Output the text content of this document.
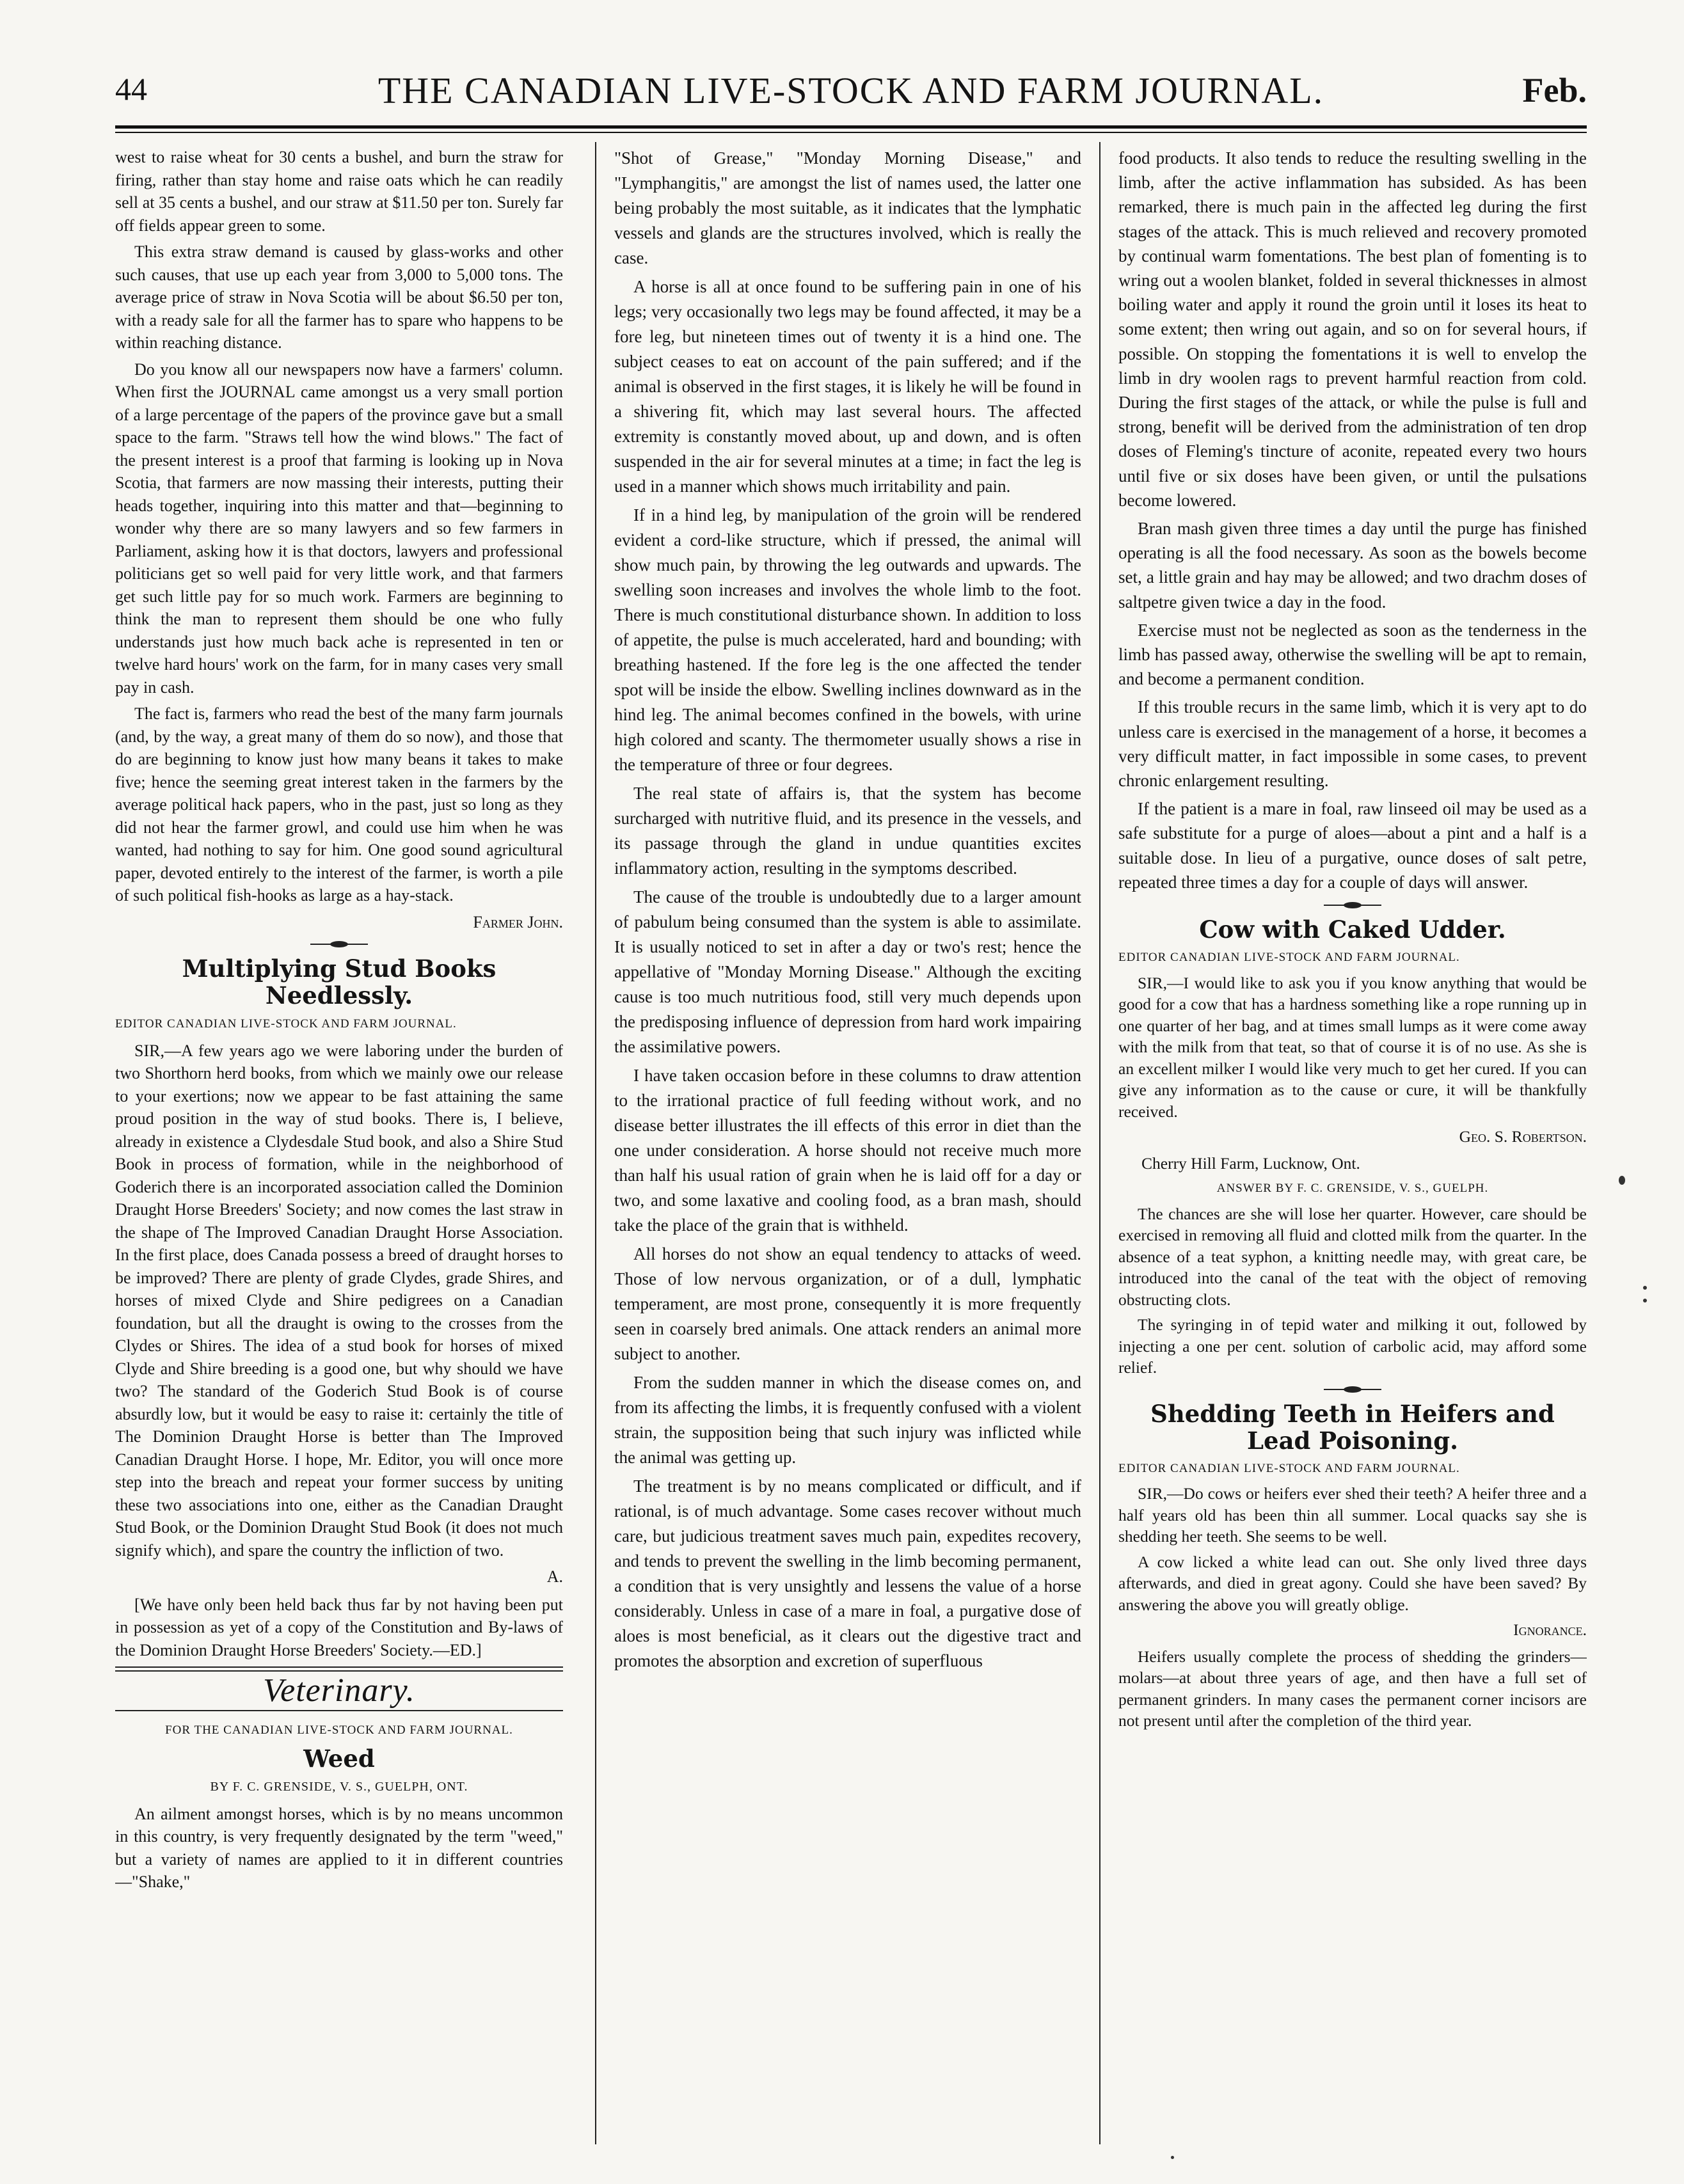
44	THE CANADIAN LIVE-STOCK AND FARM JOURNAL.	Feb.

west to raise wheat for 30 cents a bushel, and burn the straw for firing, rather than stay home and raise oats which he can readily sell at 35 cents a bushel, and our straw at $11.50 per ton. Surely far off fields appear green to some.

This extra straw demand is caused by glass-works and other such causes, that use up each year from 3,000 to 5,000 tons. The average price of straw in Nova Scotia will be about $6.50 per ton, with a ready sale for all the farmer has to spare who happens to be within reaching distance.

Do you know all our newspapers now have a farmers' column. When first the JOURNAL came amongst us a very small portion of a large percentage of the papers of the province gave but a small space to the farm. "Straws tell how the wind blows." The fact of the present interest is a proof that farming is looking up in Nova Scotia, that farmers are now massing their interests, putting their heads together, inquiring into this matter and that—beginning to wonder why there are so many lawyers and so few farmers in Parliament, asking how it is that doctors, lawyers and professional politicians get so well paid for very little work, and that farmers get such little pay for so much work. Farmers are beginning to think the man to represent them should be one who fully understands just how much back ache is represented in ten or twelve hard hours' work on the farm, for in many cases very small pay in cash.

The fact is, farmers who read the best of the many farm journals (and, by the way, a great many of them do so now), and those that do are beginning to know just how many beans it takes to make five; hence the seeming great interest taken in the farmers by the average political hack papers, who in the past, just so long as they did not hear the farmer growl, and could use him when he was wanted, had nothing to say for him. One good sound agricultural paper, devoted entirely to the interest of the farmer, is worth a pile of such political fish-hooks as large as a hay-stack.

Farmer John.

Multiplying Stud Books Needlessly.

EDITOR CANADIAN LIVE-STOCK AND FARM JOURNAL.

SIR,—A few years ago we were laboring under the burden of two Shorthorn herd books, from which we mainly owe our release to your exertions; now we appear to be fast attaining the same proud position in the way of stud books. There is, I believe, already in existence a Clydesdale Stud book, and also a Shire Stud Book in process of formation, while in the neighborhood of Goderich there is an incorporated association called the Dominion Draught Horse Breeders' Society; and now comes the last straw in the shape of The Improved Canadian Draught Horse Association. In the first place, does Canada possess a breed of draught horses to be improved? There are plenty of grade Clydes, grade Shires, and horses of mixed Clyde and Shire pedigrees on a Canadian foundation, but all the draught is owing to the crosses from the Clydes or Shires. The idea of a stud book for horses of mixed Clyde and Shire breeding is a good one, but why should we have two? The standard of the Goderich Stud Book is of course absurdly low, but it would be easy to raise it: certainly the title of The Dominion Draught Horse is better than The Improved Canadian Draught Horse. I hope, Mr. Editor, you will once more step into the breach and repeat your former success by uniting these two associations into one, either as the Canadian Draught Stud Book, or the Dominion Draught Stud Book (it does not much signify which), and spare the country the infliction of two.

A.

[We have only been held back thus far by not having been put in possession as yet of a copy of the Constitution and By-laws of the Dominion Draught Horse Breeders' Society.—ED.]

Veterinary.

FOR THE CANADIAN LIVE-STOCK AND FARM JOURNAL.

Weed

BY F. C. GRENSIDE, V. S., GUELPH, ONT.

An ailment amongst horses, which is by no means uncommon in this country, is very frequently designated by the term "weed," but a variety of names are applied to it in different countries—"Shake,"

"Shot of Grease," "Monday Morning Disease," and "Lymphangitis," are amongst the list of names used, the latter one being probably the most suitable, as it indicates that the lymphatic vessels and glands are the structures involved, which is really the case.

A horse is all at once found to be suffering pain in one of his legs; very occasionally two legs may be found affected, it may be a fore leg, but nineteen times out of twenty it is a hind one. The subject ceases to eat on account of the pain suffered; and if the animal is observed in the first stages, it is likely he will be found in a shivering fit, which may last several hours. The affected extremity is constantly moved about, up and down, and is often suspended in the air for several minutes at a time; in fact the leg is used in a manner which shows much irritability and pain.

If in a hind leg, by manipulation of the groin will be rendered evident a cord-like structure, which if pressed, the animal will show much pain, by throwing the leg outwards and upwards. The swelling soon increases and involves the whole limb to the foot. There is much constitutional disturbance shown. In addition to loss of appetite, the pulse is much accelerated, hard and bounding; with breathing hastened. If the fore leg is the one affected the tender spot will be inside the elbow. Swelling inclines downward as in the hind leg. The animal becomes confined in the bowels, with urine high colored and scanty. The thermometer usually shows a rise in the temperature of three or four degrees.

The real state of affairs is, that the system has become surcharged with nutritive fluid, and its presence in the vessels, and its passage through the gland in undue quantities excites inflammatory action, resulting in the symptoms described.

The cause of the trouble is undoubtedly due to a larger amount of pabulum being consumed than the system is able to assimilate. It is usually noticed to set in after a day or two's rest; hence the appellative of "Monday Morning Disease." Although the exciting cause is too much nutritious food, still very much depends upon the predisposing influence of depression from hard work impairing the assimilative powers.

I have taken occasion before in these columns to draw attention to the irrational practice of full feeding without work, and no disease better illustrates the ill effects of this error in diet than the one under consideration. A horse should not receive much more than half his usual ration of grain when he is laid off for a day or two, and some laxative and cooling food, as a bran mash, should take the place of the grain that is withheld.

All horses do not show an equal tendency to attacks of weed. Those of low nervous organization, or of a dull, lymphatic temperament, are most prone, consequently it is more frequently seen in coarsely bred animals. One attack renders an animal more subject to another.

From the sudden manner in which the disease comes on, and from its affecting the limbs, it is frequently confused with a violent strain, the supposition being that such injury was inflicted while the animal was getting up.

The treatment is by no means complicated or difficult, and if rational, is of much advantage. Some cases recover without much care, but judicious treatment saves much pain, expedites recovery, and tends to prevent the swelling in the limb becoming permanent, a condition that is very unsightly and lessens the value of a horse considerably. Unless in case of a mare in foal, a purgative dose of aloes is most beneficial, as it clears out the digestive tract and promotes the absorption and excretion of superfluous

food products. It also tends to reduce the resulting swelling in the limb, after the active inflammation has subsided. As has been remarked, there is much pain in the affected leg during the first stages of the attack. This is much relieved and recovery promoted by continual warm fomentations. The best plan of fomenting is to wring out a woolen blanket, folded in several thicknesses in almost boiling water and apply it round the groin until it loses its heat to some extent; then wring out again, and so on for several hours, if possible. On stopping the fomentations it is well to envelop the limb in dry woolen rags to prevent harmful reaction from cold. During the first stages of the attack, or while the pulse is full and strong, benefit will be derived from the administration of ten drop doses of Fleming's tincture of aconite, repeated every two hours until five or six doses have been given, or until the pulsations become lowered.

Bran mash given three times a day until the purge has finished operating is all the food necessary. As soon as the bowels become set, a little grain and hay may be allowed; and two drachm doses of saltpetre given twice a day in the food.

Exercise must not be neglected as soon as the tenderness in the limb has passed away, otherwise the swelling will be apt to remain, and become a permanent condition.

If this trouble recurs in the same limb, which it is very apt to do unless care is exercised in the management of a horse, it becomes a very difficult matter, in fact impossible in some cases, to prevent chronic enlargement resulting.

If the patient is a mare in foal, raw linseed oil may be used as a safe substitute for a purge of aloes—about a pint and a half is a suitable dose. In lieu of a purgative, ounce doses of salt petre, repeated three times a day for a couple of days will answer.

Cow with Caked Udder.

EDITOR CANADIAN LIVE-STOCK AND FARM JOURNAL.

SIR,—I would like to ask you if you know anything that would be good for a cow that has a hardness something like a rope running up in one quarter of her bag, and at times small lumps as it were come away with the milk from that teat, so that of course it is of no use. As she is an excellent milker I would like very much to get her cured. If you can give any information as to the cause or cure, it will be thankfully received.

Geo. S. Robertson.

Cherry Hill Farm, Lucknow, Ont.

ANSWER BY F. C. GRENSIDE, V. S., GUELPH.

The chances are she will lose her quarter. However, care should be exercised in removing all fluid and clotted milk from the quarter. In the absence of a teat syphon, a knitting needle may, with great care, be introduced into the canal of the teat with the object of removing obstructing clots.

The syringing in of tepid water and milking it out, followed by injecting a one per cent. solution of carbolic acid, may afford some relief.

Shedding Teeth in Heifers and Lead Poisoning.

EDITOR CANADIAN LIVE-STOCK AND FARM JOURNAL.

SIR,—Do cows or heifers ever shed their teeth? A heifer three and a half years old has been thin all summer. Local quacks say she is shedding her teeth. She seems to be well.

A cow licked a white lead can out. She only lived three days afterwards, and died in great agony. Could she have been saved? By answering the above you will greatly oblige.

Ignorance.

Heifers usually complete the process of shedding the grinders—molars—at about three years of age, and then have a full set of permanent grinders. In many cases the permanent corner incisors are not present until after the completion of the third year.
